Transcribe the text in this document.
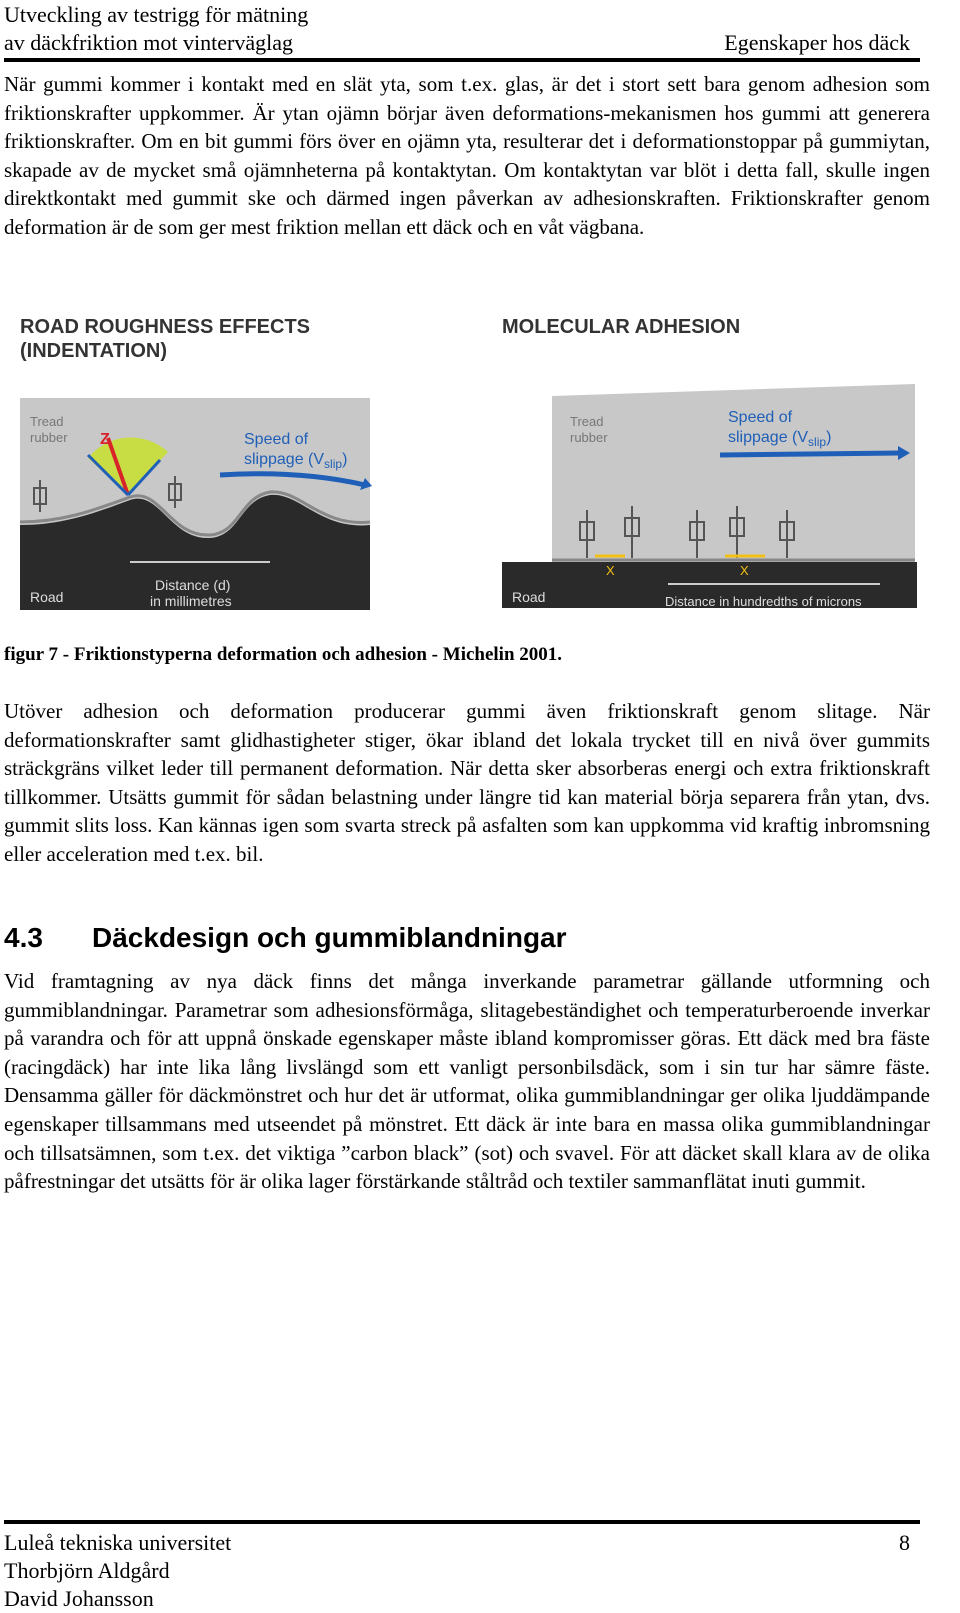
Utveckling av testrigg för mätning
av däckfriktion mot vinterväglag	Egenskaper hos däck

När gummi kommer i kontakt med en slät yta, som t.ex. glas, är det i stort sett bara genom adhesion som friktionskrafter uppkommer. Är ytan ojämn börjar även deformations-mekanismen hos gummi att generera friktionskrafter. Om en bit gummi förs över en ojämn yta, resulterar det i deformationstoppar på gummiytan, skapade av de mycket små ojämnheterna på kontaktytan. Om kontaktytan var blöt i detta fall, skulle ingen direktkontakt med gummit ske och därmed ingen påverkan av adhesionskraften. Friktionskrafter genom deformation är de som ger mest friktion mellan ett däck och en våt vägbana.

ROAD ROUGHNESS EFFECTS
(INDENTATION)
MOLECULAR ADHESION
Z
Tread
rubber	Speed of
slippage $(V_{slip})$
Distance (d)
in millimetres
Road
Tread
rubber
Speed of
slippage $(V_{slip})$
X	X
Road	Distance in hundredths of microns
figur 7 - Friktionstyperna deformation och adhesion - Michelin 2001.

Utöver adhesion och deformation producerar gummi även friktionskraft genom slitage. När deformationskrafter samt glidhastigheter stiger, ökar ibland det lokala trycket till en nivå över gummits sträckgräns vilket leder till permanent deformation. När detta sker absorberas energi och extra friktionskraft tillkommer. Utsätts gummit för sådan belastning under längre tid kan material börja separera från ytan, dvs. gummit slits loss. Kan kännas igen som svarta streck på asfalten som kan uppkomma vid kraftig inbromsning eller acceleration med t.ex. bil.

4.3 Däckdesign och gummiblandningar

Vid framtagning av nya däck finns det många inverkande parametrar gällande utformning och gummiblandningar. Parametrar som adhesionsförmåga, slitagebeständighet och temperaturberoende inverkar på varandra och för att uppnå önskade egenskaper måste ibland kompromisser göras. Ett däck med bra fäste (racingdäck) har inte lika lång livslängd som ett vanligt personbilsdäck, som i sin tur har sämre fäste. Densamma gäller för däckmönstret och hur det är utformat, olika gummiblandningar ger olika ljuddämpande egenskaper tillsammans med utseendet på mönstret. Ett däck är inte bara en massa olika gummiblandningar och tillsatsämnen, som t.ex. det viktiga ”carbon black” (sot) och svavel. För att däcket skall klara av de olika påfrestningar det utsätts för är olika lager förstärkande ståltråd och textiler sammanflätat inuti gummit.

Luleå tekniska universitet
Thorbjörn Aldgård
David Johansson
8
